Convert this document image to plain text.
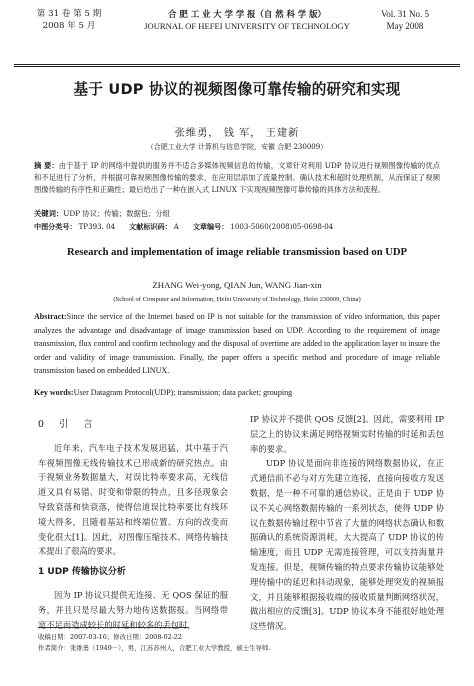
第 31 卷 第 5 期
2008 年 5 月
合 肥 工 业 大 学 学 报（自 然 科 学 版）
JOURNAL OF HEFEI UNIVERSITY OF TECHNOLOGY
Vol. 31 No. 5
May 2008
基于 UDP 协议的视频图像可靠传输的研究和实现
张维勇， 钱 军， 王建新
（合肥工业大学 计算机与信息学院，安徽 合肥 230009）
摘 要：由于基于 IP 的网络中提供的服务并不适合多媒体视频信息的传输，文章针对利用 UDP 协议进行视频图像传输的优点和不足进行了分析，并根据可靠视频图像传输的要求，在应用层添加了流量控制、确认技术和超时处理机制，从而保证了视频图像传输的有序性和正确性；最后给出了一种在嵌入式 LINUX 下实现视频图像可靠传输的具体方法和流程。
关键词：UDP 协议；传输；数据包；分组
中图分类号： TP393. 04 文献标识码： A 文章编号： 1003-5060(2008)05-0698-04
Research and implementation of image reliable transmission based on UDP
ZHANG Wei-yong, QIAN Jun, WANG Jian-xin
(School of Computer and Information, Hefei University of Technology, Hefei 230009, China)
Abstract:Since the service of the Internet based on IP is not suitable for the transmission of video information, this paper analyzes the advantage and disadvantage of image transmission based on UDP. According to the requirement of image transmission, flux control and confirm technology and the disposal of overtime are added to the application layer to insure the order and validity of image transmission. Finally, the paper offers a specific method and procedure of image reliable transmission based on embedded LINUX.
Key words:User Datagram Protocol(UDP); transmission; data packet; grouping
0 引 言

近年来，汽车电子技术发展迅猛，其中基于汽车视频图像无线传输技术已形成新的研究热点。由于视频业务数据量大，对误比特率要求高，无线信道又具有易错、时变和带限的特点，且多径现象会导致衰落和快衰落，使得信道误比特率要比有线环境大得多，且随着基站和终端位置、方向的改变而变化很大[1]。因此，对图像压缩技术、网络传输技术提出了很高的要求。

1 UDP 传输协议分析

因为 IP 协议只提供无连接、无 QOS 保证的服务，并且只是尽最大努力地传送数据报。当网络带宽不足而造成较长的时延和较多的丢包时，

IP 协议并不提供 QOS 反馈[2]。因此，需要利用 IP 层之上的协议来满足网络视频实时传输的时延和丢包率的要求。

UDP 协议是面向非连接的网络数据协议，在正式通信前不必与对方先建立连接，直接向接收方发送数据，是一种不可靠的通信协议。正是由于 UDP 协议不关心网络数据传输的一系列状态，使得 UDP 协议在数据传输过程中节省了大量的网络状态确认和数据确认的系统资源消耗，大大提高了 UDP 协议的传输速度，而且 UDP 无需连接管理，可以支持海量并发连接。但是，视频传输的特点要求传输协议能够处理传输中的延迟和抖动现象，能够处理突发的视频报文，并且能够根据接收端的接收质量判断网络状况，做出相应的反馈[3]。UDP 协议本身不能很好地处理这些情况。

收稿日期：2007-03-16；修改日期：2008-02-22
作者简介：张维勇（1949－），男，江苏苏州人，合肥工业大学教授，硕士生导师.
